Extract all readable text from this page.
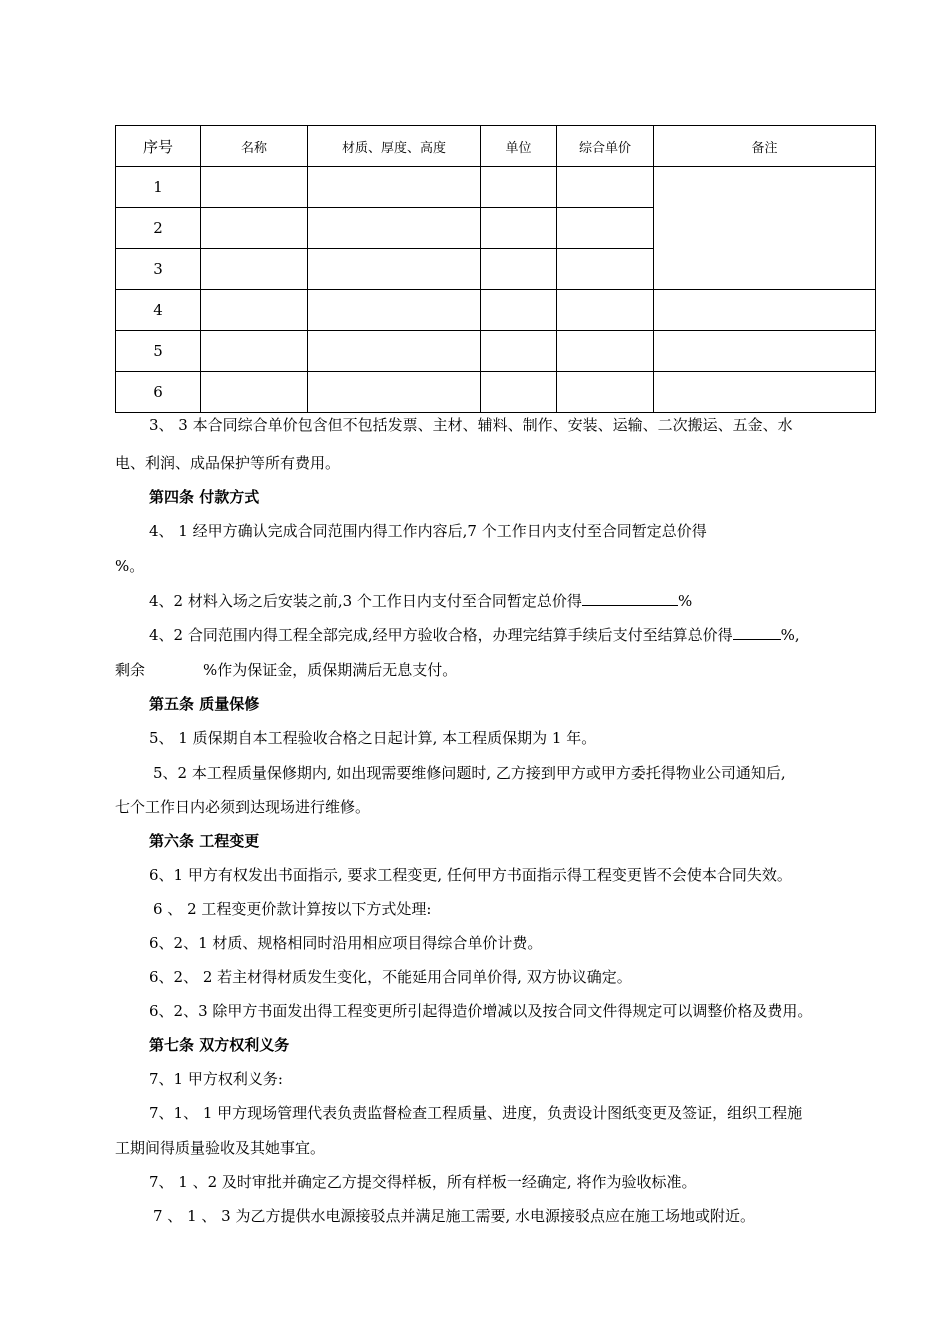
序号	名称	材质、厚度、高度	单位	综合单价	备注
1					
2					
3					
4					
5					
6					
3、 3 本合同综合单价包含但不包括发票、主材、辅料、制作、安装、运输、二次搬运、五金、水
电、利润、成品保护等所有费用。
第四条 付款方式
4、 1 经甲方确认完成合同范围内得工作内容后,7 个工作日内支付至合同暂定总价得
%。
4、2 材料入场之后安装之前,3 个工作日内支付至合同暂定总价得	%
4、2 合同范围内得工程全部完成,经甲方验收合格，办理完结算手续后支付至结算总价得	%,
剩余	%作为保证金，质保期满后无息支付。
第五条 质量保修
5、 1 质保期自本工程验收合格之日起计算, 本工程质保期为 1 年。
5、2 本工程质量保修期内, 如出现需要维修问题时, 乙方接到甲方或甲方委托得物业公司通知后,
七个工作日内必须到达现场进行维修。
第六条 工程变更
6、1 甲方有权发出书面指示, 要求工程变更, 任何甲方书面指示得工程变更皆不会使本合同失效。
6 、 2 工程变更价款计算按以下方式处理:
6、2、1 材质、规格相同时沿用相应项目得综合单价计费。
6、2、 2 若主材得材质发生变化，不能延用合同单价得, 双方协议确定。
6、2、3 除甲方书面发出得工程变更所引起得造价增减以及按合同文件得规定可以调整价格及费用。
第七条 双方权利义务
7、1 甲方权利义务:
7、1、 1 甲方现场管理代表负责监督检查工程质量、进度，负责设计图纸变更及签证，组织工程施
工期间得质量验收及其她事宜。
7、 1 、2 及时审批并确定乙方提交得样板，所有样板一经确定, 将作为验收标准。
7 、 1 、 3 为乙方提供水电源接驳点并满足施工需要, 水电源接驳点应在施工场地或附近。
